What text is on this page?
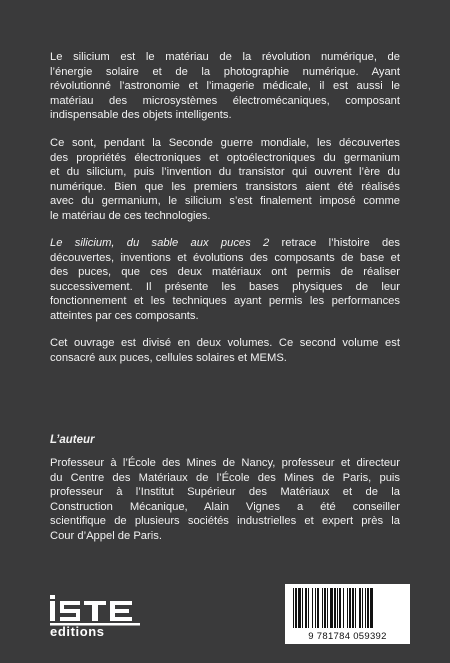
Le silicium est le matériau de la révolution numérique, de
l’énergie solaire et de la photographie numérique. Ayant
révolutionné l’astronomie et l’imagerie médicale, il est aussi le
matériau des microsystèmes électromécaniques, composant
indispensable des objets intelligents.
Ce sont, pendant la Seconde guerre mondiale, les découvertes
des propriétés électroniques et optoélectroniques du germanium
et du silicium, puis l’invention du transistor qui ouvrent l’ère du
numérique. Bien que les premiers transistors aient été réalisés
avec du germanium, le silicium s’est finalement imposé comme
le matériau de ces technologies.
Le silicium, du sable aux puces 2 retrace l’histoire des
découvertes, inventions et évolutions des composants de base et
des puces, que ces deux matériaux ont permis de réaliser
successivement. Il présente les bases physiques de leur
fonctionnement et les techniques ayant permis les performances
atteintes par ces composants.
Cet ouvrage est divisé en deux volumes. Ce second volume est
consacré aux puces, cellules solaires et MEMS.
L’auteur
Professeur à l’École des Mines de Nancy, professeur et directeur
du Centre des Matériaux de l’École des Mines de Paris, puis
professeur à l’Institut Supérieur des Matériaux et de la
Construction Mécanique, Alain Vignes a été conseiller
scientifique de plusieurs sociétés industrielles et expert près la
Cour d’Appel de Paris.
editions	9 781784 059392
